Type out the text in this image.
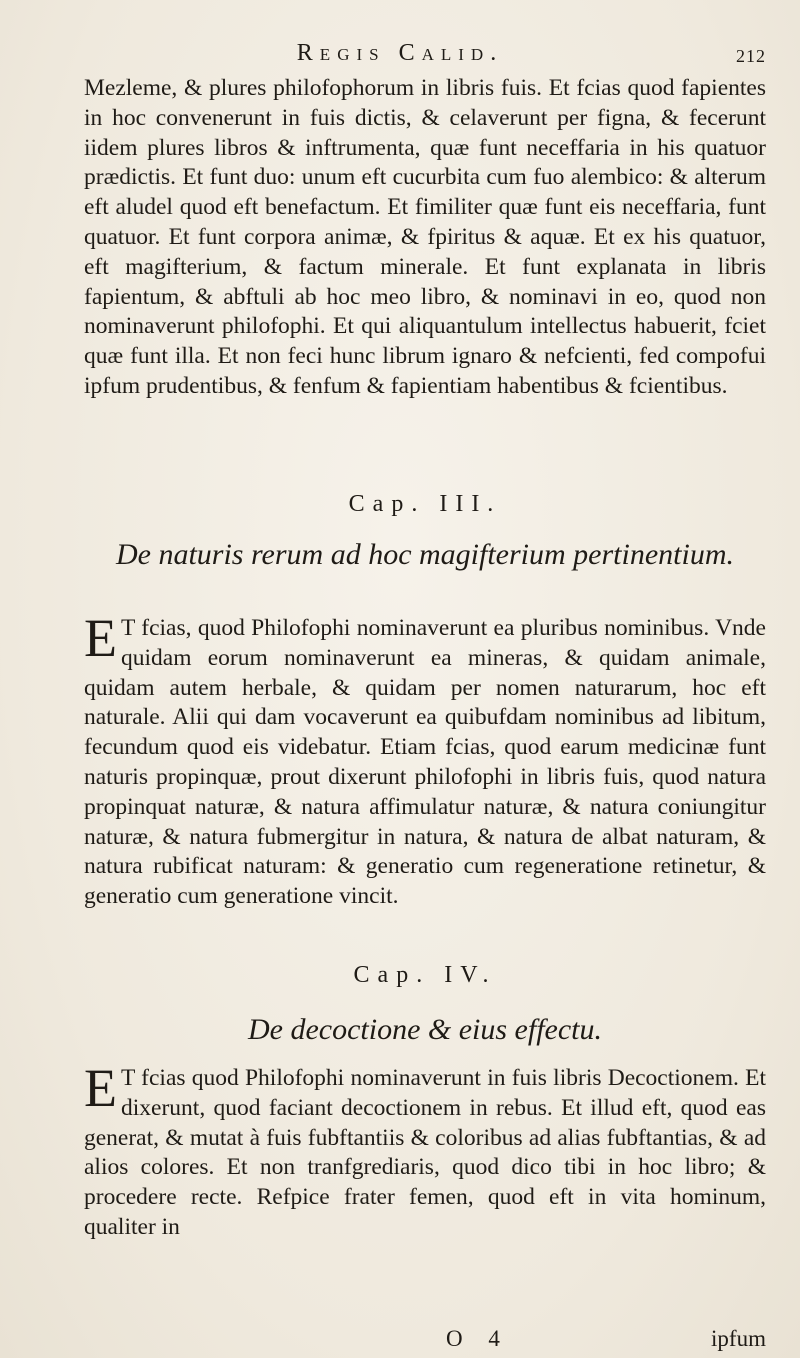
Regis Calid.	212

Mezleme, & plures philofophorum in libris fuis. Et fcias quod fapientes in hoc convenerunt in fuis dictis, & celaverunt per figna, & fecerunt iidem plures libros & inftrumenta, quæ funt neceffaria in his quatuor prædictis. Et funt duo: unum eft cucurbita cum fuo alembico: & alterum eft aludel quod eft benefactum. Et fimiliter quæ funt eis neceffaria, funt quatuor. Et funt corpora animæ, & fpiritus & aquæ. Et ex his quatuor, eft magifterium, & factum minerale. Et funt explanata in libris fapientum, & abftuli ab hoc meo libro, & nominavi in eo, quod non nominaverunt philofophi. Et qui aliquantulum intellectus habuerit, fciet quæ funt illa. Et non feci hunc librum ignaro & nefcienti, fed compofui ipfum prudentibus, & fenfum & fapientiam habentibus & fcientibus.

Cap. III.
De naturis rerum ad hoc magifterium pertinentium.

E T fcias, quod Philofophi nominaverunt ea pluribus nominibus. Vnde quidam eorum nominaverunt ea mineras, & quidam animale, quidam autem herbale, & quidam per nomen naturarum, hoc eft naturale. Alii qui dam vocaverunt ea quibufdam nominibus ad libitum, fecundum quod eis videbatur. Etiam fcias, quod earum medicinæ funt naturis propinquæ, prout dixerunt philofophi in libris fuis, quod natura propinquat naturæ, & natura affimulatur naturæ, & natura coniungitur naturæ, & natura fubmergitur in natura, & natura de albat naturam, & natura rubificat naturam: & generatio cum regeneratione retinetur, & generatio cum generatione vincit.

Cap. IV.
De decoctione & eius effectu.

E T fcias quod Philofophi nominaverunt in fuis libris Decoctionem. Et dixerunt, quod faciant decoctionem in rebus. Et illud eft, quod eas generat, & mutat à fuis fubftantiis & coloribus ad alias fubftantias, & ad alios colores. Et non tranfgrediaris, quod dico tibi in hoc libro; & procedere recte. Refpice frater femen, quod eft in vita hominum, qualiter in

O 4	ipfum
